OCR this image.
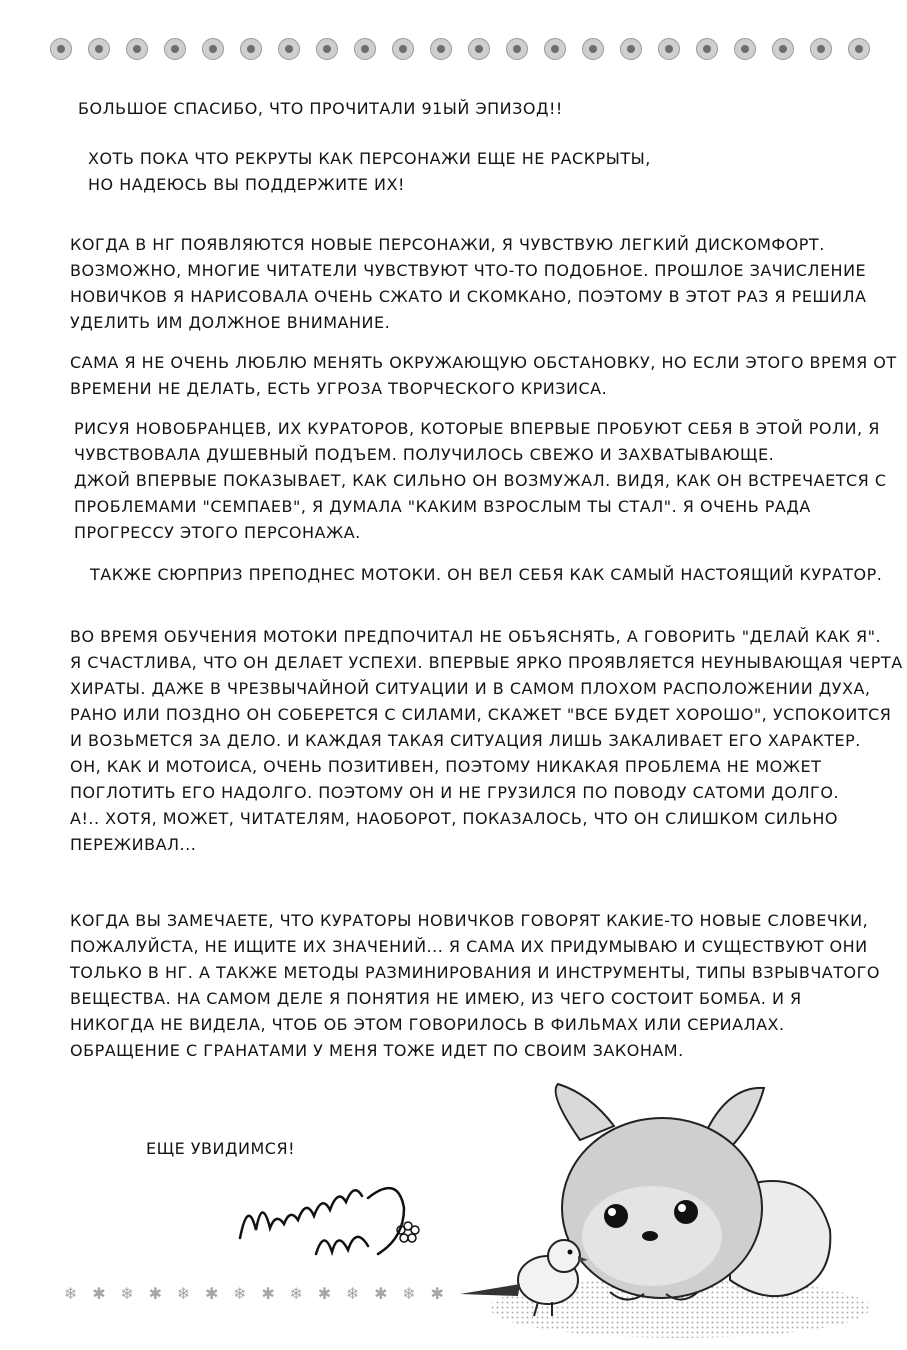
БОЛЬШОЕ СПАСИБО, ЧТО ПРОЧИТАЛИ 91ЫЙ ЭПИЗОД!!
ХОТЬ ПОКА ЧТО РЕКРУТЫ КАК ПЕРСОНАЖИ ЕЩЕ НЕ РАСКРЫТЫ,
НО НАДЕЮСЬ ВЫ ПОДДЕРЖИТЕ ИХ!
КОГДА В НГ ПОЯВЛЯЮТСЯ НОВЫЕ ПЕРСОНАЖИ, Я ЧУВСТВУЮ ЛЕГКИЙ ДИСКОМФОРТ.
ВОЗМОЖНО, МНОГИЕ ЧИТАТЕЛИ ЧУВСТВУЮТ ЧТО-ТО ПОДОБНОЕ. ПРОШЛОЕ ЗАЧИСЛЕНИЕ
НОВИЧКОВ Я НАРИСОВАЛА ОЧЕНЬ СЖАТО И СКОМКАНО, ПОЭТОМУ В ЭТОТ РАЗ Я РЕШИЛА
УДЕЛИТЬ ИМ ДОЛЖНОЕ ВНИМАНИЕ.
САМА Я НЕ ОЧЕНЬ ЛЮБЛЮ МЕНЯТЬ ОКРУЖАЮЩУЮ ОБСТАНОВКУ, НО ЕСЛИ ЭТОГО ВРЕМЯ ОТ
ВРЕМЕНИ НЕ ДЕЛАТЬ, ЕСТЬ УГРОЗА ТВОРЧЕСКОГО КРИЗИСА.
РИСУЯ НОВОБРАНЦЕВ, ИХ КУРАТОРОВ, КОТОРЫЕ ВПЕРВЫЕ ПРОБУЮТ СЕБЯ В ЭТОЙ РОЛИ, Я
ЧУВСТВОВАЛА ДУШЕВНЫЙ ПОДЪЕМ. ПОЛУЧИЛОСЬ СВЕЖО И ЗАХВАТЫВАЮЩЕ.
ДЖОЙ ВПЕРВЫЕ ПОКАЗЫВАЕТ, КАК СИЛЬНО ОН ВОЗМУЖАЛ. ВИДЯ, КАК ОН ВСТРЕЧАЕТСЯ С
ПРОБЛЕМАМИ "СЕМПАЕВ", Я ДУМАЛА "КАКИМ ВЗРОСЛЫМ ТЫ СТАЛ". Я ОЧЕНЬ РАДА
ПРОГРЕССУ ЭТОГО ПЕРСОНАЖА.
ТАКЖЕ СЮРПРИЗ ПРЕПОДНЕС МОТОКИ. ОН ВЕЛ СЕБЯ КАК САМЫЙ НАСТОЯЩИЙ КУРАТОР.
ВО ВРЕМЯ ОБУЧЕНИЯ МОТОКИ ПРЕДПОЧИТАЛ НЕ ОБЪЯСНЯТЬ, А ГОВОРИТЬ "ДЕЛАЙ КАК Я".
Я СЧАСТЛИВА, ЧТО ОН ДЕЛАЕТ УСПЕХИ. ВПЕРВЫЕ ЯРКО ПРОЯВЛЯЕТСЯ НЕУНЫВАЮЩАЯ ЧЕРТА
ХИРАТЫ. ДАЖЕ В ЧРЕЗВЫЧАЙНОЙ СИТУАЦИИ И В САМОМ ПЛОХОМ РАСПОЛОЖЕНИИ ДУХА,
РАНО ИЛИ ПОЗДНО ОН СОБЕРЕТСЯ С СИЛАМИ, СКАЖЕТ "ВСЕ БУДЕТ ХОРОШО", УСПОКОИТСЯ
И ВОЗЬМЕТСЯ ЗА ДЕЛО. И КАЖДАЯ ТАКАЯ СИТУАЦИЯ ЛИШЬ ЗАКАЛИВАЕТ ЕГО ХАРАКТЕР.
ОН, КАК И МОТОИСА, ОЧЕНЬ ПОЗИТИВЕН, ПОЭТОМУ НИКАКАЯ ПРОБЛЕМА НЕ МОЖЕТ
ПОГЛОТИТЬ ЕГО НАДОЛГО. ПОЭТОМУ ОН И НЕ ГРУЗИЛСЯ ПО ПОВОДУ САТОМИ ДОЛГО.
А!.. ХОТЯ, МОЖЕТ, ЧИТАТЕЛЯМ, НАОБОРОТ, ПОКАЗАЛОСЬ, ЧТО ОН СЛИШКОМ СИЛЬНО
ПЕРЕЖИВАЛ...
КОГДА ВЫ ЗАМЕЧАЕТЕ, ЧТО КУРАТОРЫ НОВИЧКОВ ГОВОРЯТ КАКИЕ-ТО НОВЫЕ СЛОВЕЧКИ,
ПОЖАЛУЙСТА, НЕ ИЩИТЕ ИХ ЗНАЧЕНИЙ... Я САМА ИХ ПРИДУМЫВАЮ И СУЩЕСТВУЮТ ОНИ
ТОЛЬКО В НГ. А ТАКЖЕ МЕТОДЫ РАЗМИНИРОВАНИЯ И ИНСТРУМЕНТЫ, ТИПЫ ВЗРЫВЧАТОГО
ВЕЩЕСТВА. НА САМОМ ДЕЛЕ Я ПОНЯТИЯ НЕ ИМЕЮ, ИЗ ЧЕГО СОСТОИТ БОМБА. И Я
НИКОГДА НЕ ВИДЕЛА, ЧТОБ ОБ ЭТОМ ГОВОРИЛОСЬ В ФИЛЬМАХ ИЛИ СЕРИАЛАХ.
ОБРАЩЕНИЕ С ГРАНАТАМИ У МЕНЯ ТОЖЕ ИДЕТ ПО СВОИМ ЗАКОНАМ.
ЕЩЕ УВИДИМСЯ!
❄ ✱ ❄ ✱ ❄ ✱ ❄ ✱ ❄ ✱ ❄ ✱ ❄ ✱
